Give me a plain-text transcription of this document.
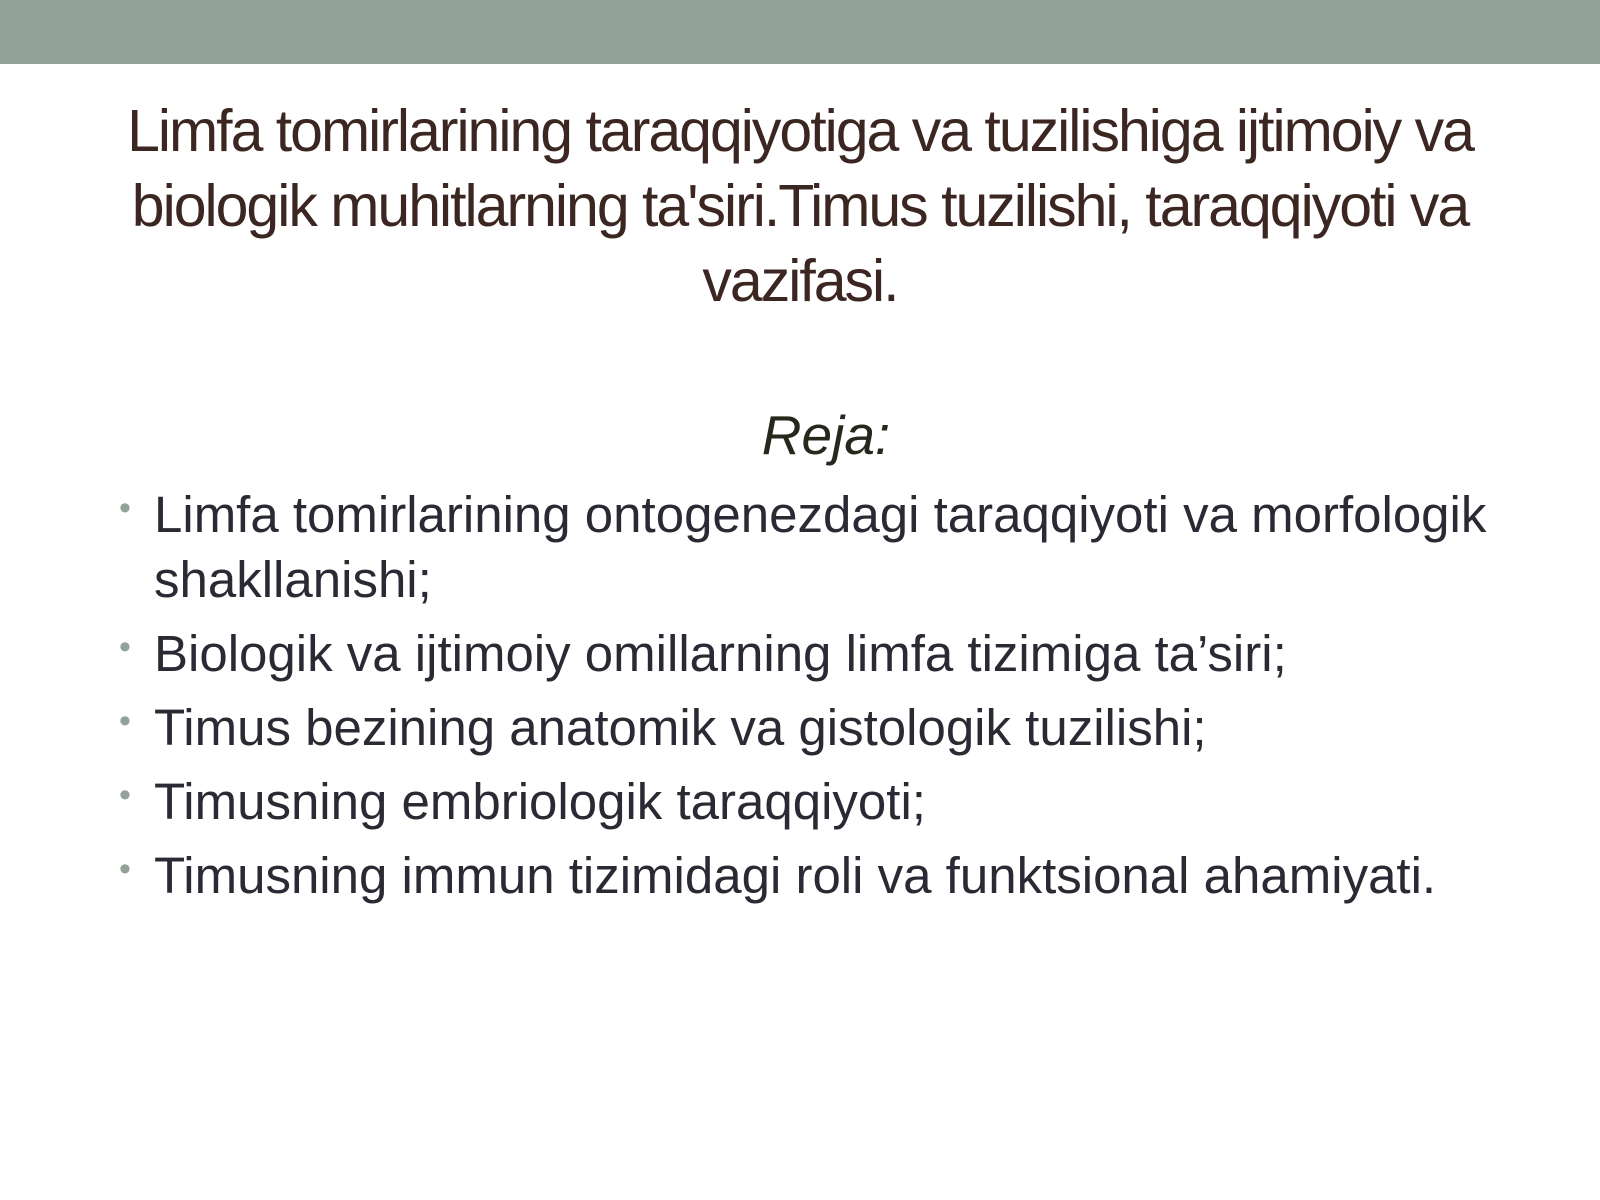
Limfa tomirlarining taraqqiyotiga va tuzilishiga ijtimoiy va biologik muhitlarning ta'siri.Timus tuzilishi, taraqqiyoti va vazifasi.
Reja:
• Limfa tomirlarining ontogenezdagi taraqqiyoti va morfologik shakllanishi;
• Biologik va ijtimoiy omillarning limfa tizimiga ta’siri;
• Timus bezining anatomik va gistologik tuzilishi;
• Timusning embriologik taraqqiyoti;
• Timusning immun tizimidagi roli va funktsional ahamiyati.
